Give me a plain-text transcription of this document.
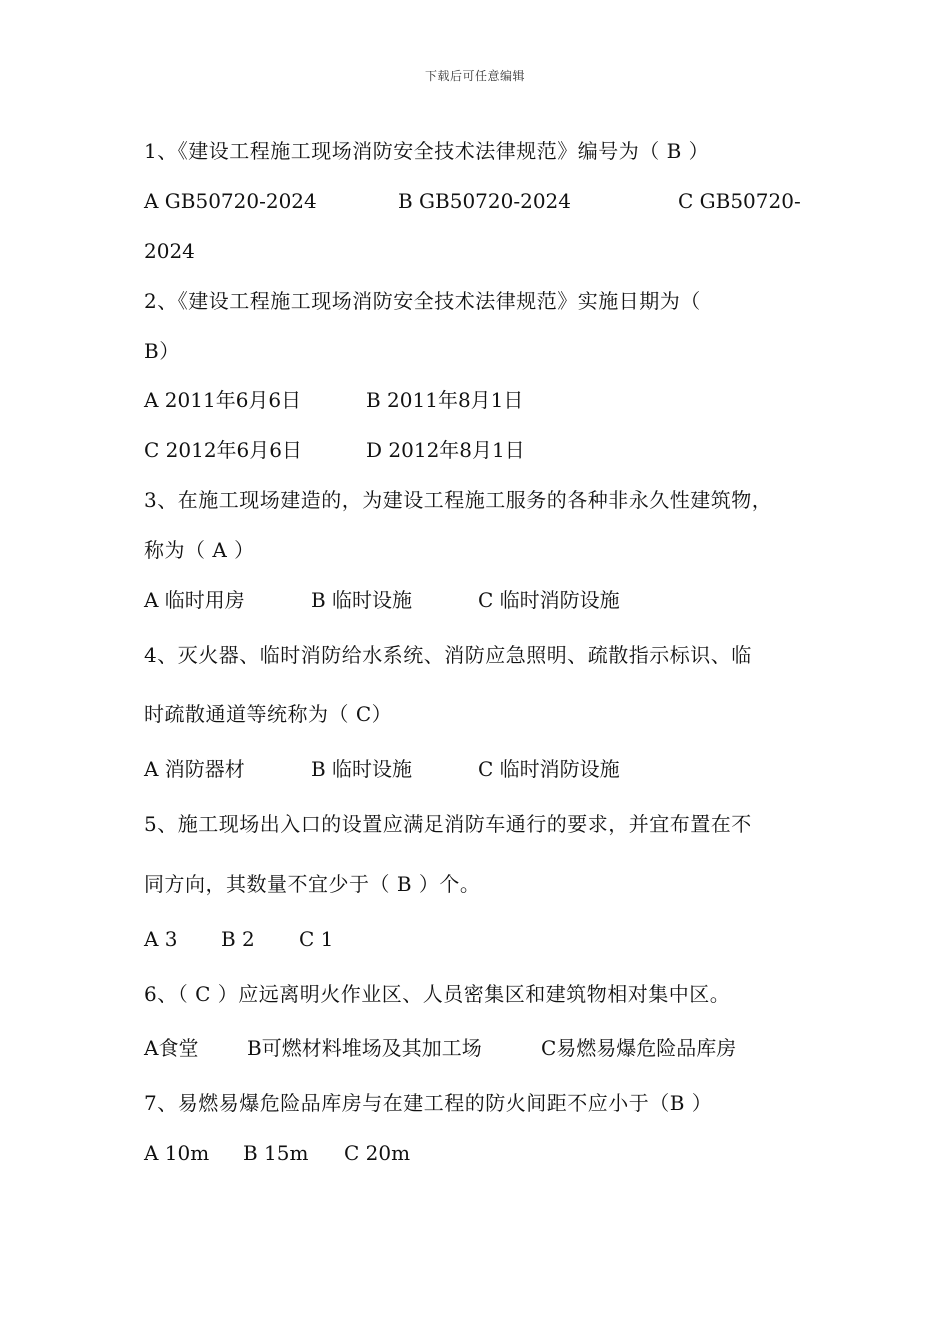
下载后可任意编辑
1、《建设工程施工现场消防安全技术法律规范》编号为（ B ）
A GB50720-2024	B GB50720-2024	C GB50720-
2024
2、《建设工程施工现场消防安全技术法律规范》实施日期为（
B）
A 2011年6月6日	B 2011年8月1日
C 2012年6月6日	D 2012年8月1日
3、在施工现场建造的，为建设工程施工服务的各种非永久性建筑物，
称为（ A ）
A 临时用房	B 临时设施	C 临时消防设施
4、灭火器、临时消防给水系统、消防应急照明、疏散指示标识、临
时疏散通道等统称为（ C）
A 消防器材	B 临时设施	C 临时消防设施
5、施工现场出入口的设置应满足消防车通行的要求，并宜布置在不
同方向，其数量不宜少于（ B ）个。
A 3 B 2 C 1
6、（ C ）应远离明火作业区、人员密集区和建筑物相对集中区。
A食堂 B可燃材料堆场及其加工场	C易燃易爆危险品库房
7、易燃易爆危险品库房与在建工程的防火间距不应小于（B ）
A 10m B 15m C 20m
